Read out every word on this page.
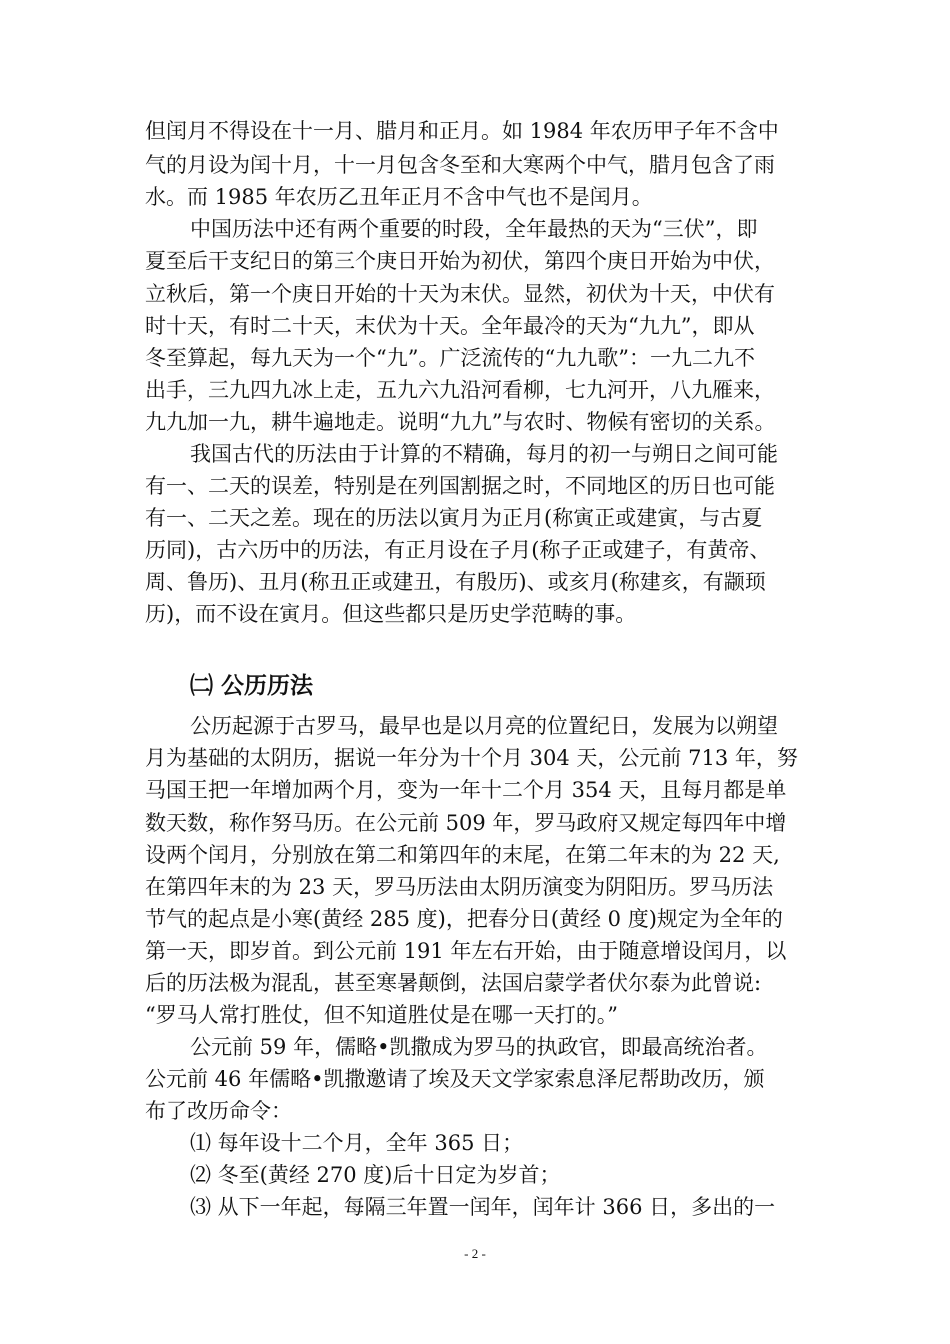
但闰月不得设在十一月、腊月和正月。如 1984 年农历甲子年不含中
气的月设为闰十月，十一月包含冬至和大寒两个中气，腊月包含了雨
水。而 1985 年农历乙丑年正月不含中气也不是闰月。
中国历法中还有两个重要的时段，全年最热的天为“三伏”，即
夏至后干支纪日的第三个庚日开始为初伏，第四个庚日开始为中伏，
立秋后，第一个庚日开始的十天为末伏。显然，初伏为十天，中伏有
时十天，有时二十天，末伏为十天。全年最冷的天为“九九”，即从
冬至算起，每九天为一个“九”。广泛流传的“九九歌”：一九二九不
出手，三九四九冰上走，五九六九沿河看柳，七九河开，八九雁来，
九九加一九，耕牛遍地走。说明“九九”与农时、物候有密切的关系。
我国古代的历法由于计算的不精确，每月的初一与朔日之间可能
有一、二天的误差，特别是在列国割据之时，不同地区的历日也可能
有一、二天之差。现在的历法以寅月为正月(称寅正或建寅，与古夏
历同)，古六历中的历法，有正月设在子月(称子正或建子，有黄帝、
周、鲁历)、丑月(称丑正或建丑，有殷历)、或亥月(称建亥，有颛顼
历)，而不设在寅月。但这些都只是历史学范畴的事。
㈡ 公历历法
公历起源于古罗马，最早也是以月亮的位置纪日，发展为以朔望
月为基础的太阴历，据说一年分为十个月 304 天，公元前 713 年，努
马国王把一年增加两个月，变为一年十二个月 354 天，且每月都是单
数天数，称作努马历。在公元前 509 年，罗马政府又规定每四年中增
设两个闰月，分别放在第二和第四年的末尾，在第二年末的为 22 天,
在第四年末的为 23 天，罗马历法由太阴历演变为阴阳历。罗马历法
节气的起点是小寒(黄经 285 度)，把春分日(黄经 0 度)规定为全年的
第一天，即岁首。到公元前 191 年左右开始，由于随意增设闰月，以
后的历法极为混乱，甚至寒暑颠倒，法国启蒙学者伏尔泰为此曾说:
“罗马人常打胜仗，但不知道胜仗是在哪一天打的。”
公元前 59 年，儒略•凯撒成为罗马的执政官，即最高统治者。
公元前 46 年儒略•凯撒邀请了埃及天文学家索息泽尼帮助改历，颁
布了改历命令：
⑴ 每年设十二个月，全年 365 日；
⑵ 冬至(黄经 270 度)后十日定为岁首；
⑶ 从下一年起，每隔三年置一闰年，闰年计 366 日，多出的一
- 2 -
